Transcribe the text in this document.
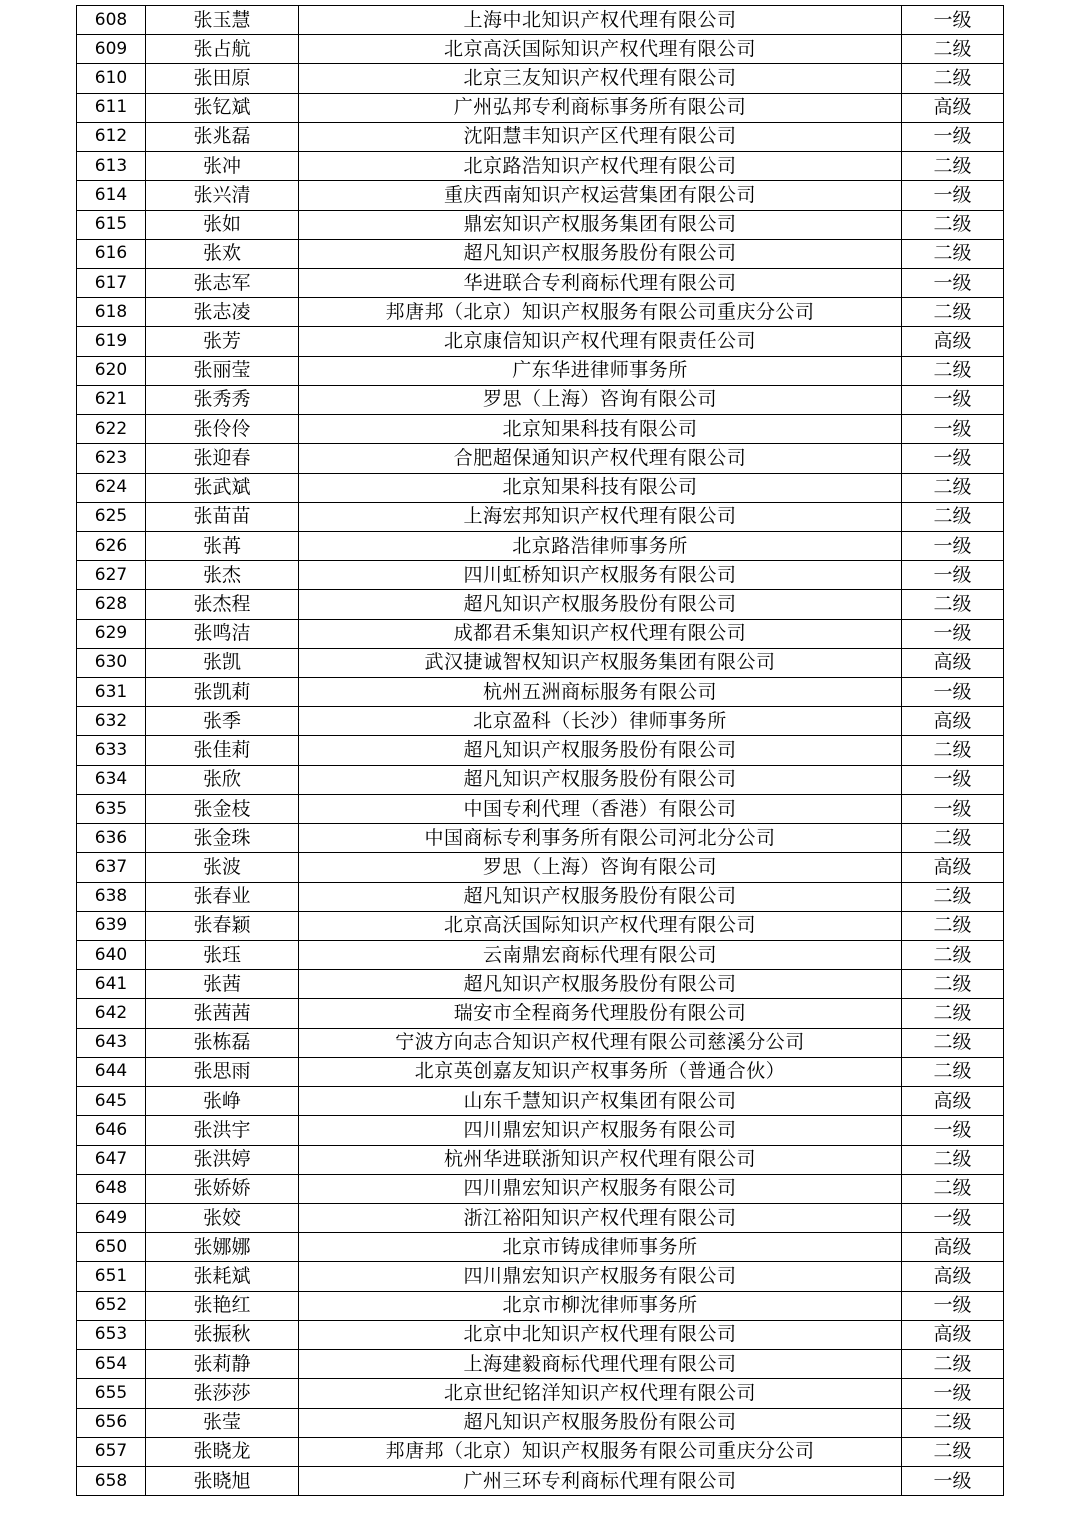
608	张玉慧	上海中北知识产权代理有限公司	一级
609	张占航	北京高沃国际知识产权代理有限公司	二级
610	张田原	北京三友知识产权代理有限公司	二级
611	张钇斌	广州弘邦专利商标事务所有限公司	高级
612	张兆磊	沈阳慧丰知识产区代理有限公司	一级
613	张冲	北京路浩知识产权代理有限公司	二级
614	张兴清	重庆西南知识产权运营集团有限公司	一级
615	张如	鼎宏知识产权服务集团有限公司	二级
616	张欢	超凡知识产权服务股份有限公司	二级
617	张志军	华进联合专利商标代理有限公司	一级
618	张志凌	邦唐邦（北京）知识产权服务有限公司重庆分公司	二级
619	张芳	北京康信知识产权代理有限责任公司	高级
620	张丽莹	广东华进律师事务所	二级
621	张秀秀	罗思（上海）咨询有限公司	一级
622	张伶伶	北京知果科技有限公司	一级
623	张迎春	合肥超保通知识产权代理有限公司	一级
624	张武斌	北京知果科技有限公司	二级
625	张苗苗	上海宏邦知识产权代理有限公司	二级
626	张苒	北京路浩律师事务所	一级
627	张杰	四川虹桥知识产权服务有限公司	一级
628	张杰程	超凡知识产权服务股份有限公司	二级
629	张鸣洁	成都君禾集知识产权代理有限公司	一级
630	张凯	武汉捷诚智权知识产权服务集团有限公司	高级
631	张凯莉	杭州五洲商标服务有限公司	一级
632	张季	北京盈科（长沙）律师事务所	高级
633	张佳莉	超凡知识产权服务股份有限公司	二级
634	张欣	超凡知识产权服务股份有限公司	一级
635	张金枝	中国专利代理（香港）有限公司	一级
636	张金珠	中国商标专利事务所有限公司河北分公司	二级
637	张波	罗思（上海）咨询有限公司	高级
638	张春业	超凡知识产权服务股份有限公司	二级
639	张春颖	北京高沃国际知识产权代理有限公司	二级
640	张珏	云南鼎宏商标代理有限公司	二级
641	张茜	超凡知识产权服务股份有限公司	二级
642	张茜茜	瑞安市全程商务代理股份有限公司	二级
643	张栋磊	宁波方向志合知识产权代理有限公司慈溪分公司	二级
644	张思雨	北京英创嘉友知识产权事务所（普通合伙）	二级
645	张峥	山东千慧知识产权集团有限公司	高级
646	张洪宇	四川鼎宏知识产权服务有限公司	一级
647	张洪婷	杭州华进联浙知识产权代理有限公司	二级
648	张娇娇	四川鼎宏知识产权服务有限公司	二级
649	张姣	浙江裕阳知识产权代理有限公司	一级
650	张娜娜	北京市铸成律师事务所	高级
651	张耗斌	四川鼎宏知识产权服务有限公司	高级
652	张艳红	北京市柳沈律师事务所	一级
653	张振秋	北京中北知识产权代理有限公司	高级
654	张莉静	上海建毅商标代理代理有限公司	二级
655	张莎莎	北京世纪铭洋知识产权代理有限公司	一级
656	张莹	超凡知识产权服务股份有限公司	二级
657	张晓龙	邦唐邦（北京）知识产权服务有限公司重庆分公司	二级
658	张晓旭	广州三环专利商标代理有限公司	一级
